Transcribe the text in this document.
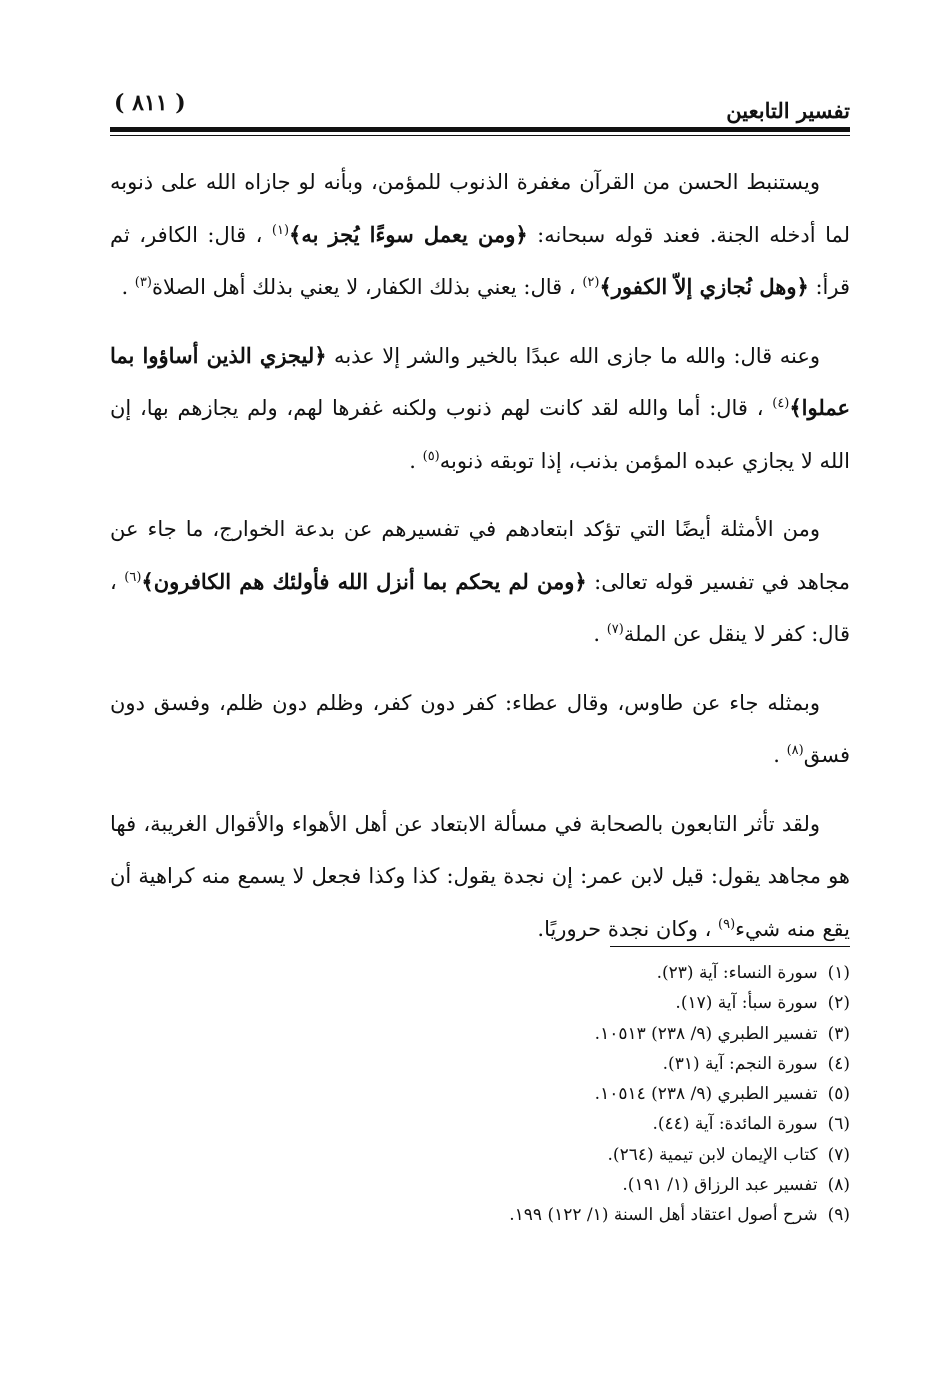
تفسير التابعين
( ٨١١ )

ويستنبط الحسن من القرآن مغفرة الذنوب للمؤمن، وبأنه لو جازاه الله على ذنوبه لما أدخله الجنة. فعند قوله سبحانه: ﴿ومن يعمل سوءًا يُجز به﴾$^{(١)}$ ، قال: الكافر، ثم قرأ: ﴿وهل نُجازي إلاّ الكفور﴾$^{(٢)}$ ، قال: يعني بذلك الكفار، لا يعني بذلك أهل الصلاة$^{(٣)}$ .

وعنه قال: والله ما جازى الله عبدًا بالخير والشر إلا عذبه ﴿ليجزي الذين أساؤوا بما عملوا﴾$^{(٤)}$ ، قال: أما والله لقد كانت لهم ذنوب ولكنه غفرها لهم، ولم يجازهم بها، إن الله لا يجازي عبده المؤمن بذنب، إذا توبقه ذنوبه$^{(٥)}$ .

ومن الأمثلة أيضًا التي تؤكد ابتعادهم في تفسيرهم عن بدعة الخوارج، ما جاء عن مجاهد في تفسير قوله تعالى: ﴿ومن لم يحكم بما أنزل الله فأولئك هم الكافرون﴾$^{(٦)}$ ، قال: كفر لا ينقل عن الملة$^{(٧)}$ .

وبمثله جاء عن طاوس، وقال عطاء: كفر دون كفر، وظلم دون ظلم، وفسق دون فسق$^{(٨)}$ .

ولقد تأثر التابعون بالصحابة في مسألة الابتعاد عن أهل الأهواء والأقوال الغريبة، فها هو مجاهد يقول: قيل لابن عمر: إن نجدة يقول: كذا وكذا فجعل لا يسمع منه كراهية أن يقع منه شيء$^{(٩)}$ ، وكان نجدة حروريًا.

(١)
سورة النساء: آية (٢٣).
(٢)
سورة سبأ: آية (١٧).
(٣)
تفسير الطبري (٩/ ٢٣٨) ١٠٥١٣.
(٤)
سورة النجم: آية (٣١).
(٥)
تفسير الطبري (٩/ ٢٣٨) ١٠٥١٤.
(٦)
سورة المائدة: آية (٤٤).
(٧)
كتاب الإيمان لابن تيمية (٢٦٤).
(٨)
تفسير عبد الرزاق (١/ ١٩١).
(٩)
شرح أصول اعتقاد أهل السنة (١/ ١٢٢) ١٩٩.
